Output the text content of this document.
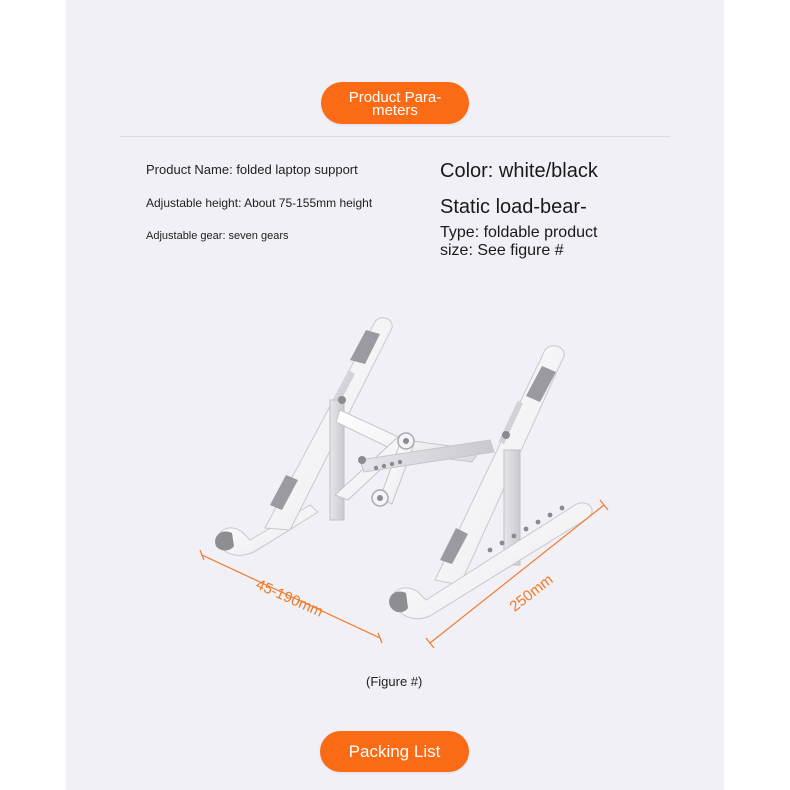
Product Para-
meters
Product Name: folded laptop support
Adjustable height: About 75-155mm height
Adjustable gear: seven gears
Color: white/black
Static load-bear-
Type: foldable product size: See figure #
45-190mm	250mm
(Figure #)
Packing List
